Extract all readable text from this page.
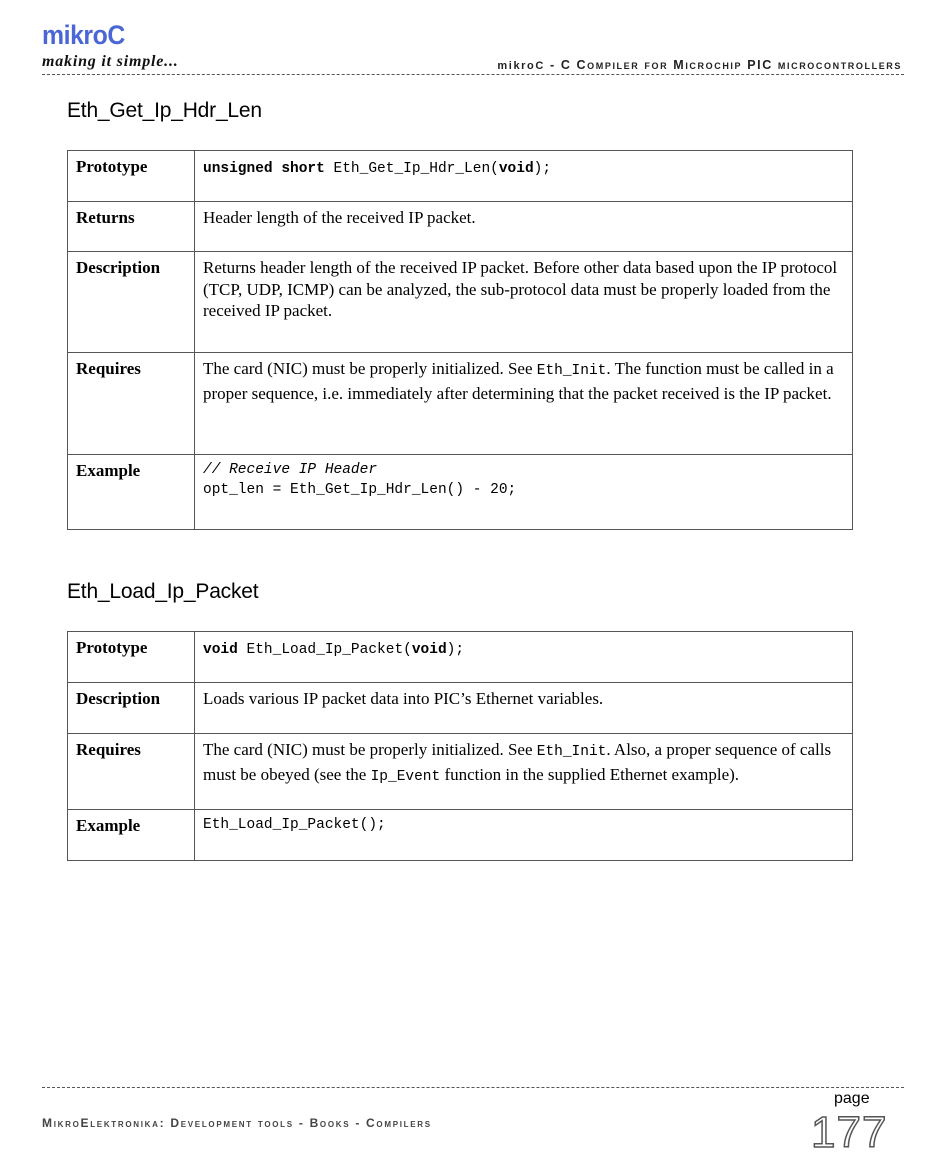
mikroC
making it simple...	mikroC - C Compiler for Microchip PIC microcontrollers
Eth_Get_Ip_Hdr_Len
Prototype	unsigned short Eth_Get_Ip_Hdr_Len(void);
Returns	Header length of the received IP packet.
Description	Returns header length of the received IP packet. Before other data based upon the IP protocol (TCP, UDP, ICMP) can be analyzed, the sub-protocol data must be properly loaded from the received IP packet.
Requires	The card (NIC) must be properly initialized. See Eth_Init. The function must be called in a proper sequence, i.e. immediately after determining that the packet received is the IP packet.
Example	// Receive IP Header
opt_len = Eth_Get_Ip_Hdr_Len() - 20;
Eth_Load_Ip_Packet
Prototype	void Eth_Load_Ip_Packet(void);
Description	Loads various IP packet data into PIC’s Ethernet variables.
Requires	The card (NIC) must be properly initialized. See Eth_Init. Also, a proper sequence of calls must be obeyed (see the Ip_Event function in the supplied Ethernet example).
Example	Eth_Load_Ip_Packet();
page
MikroElektronika: Development tools - Books - Compilers	177
